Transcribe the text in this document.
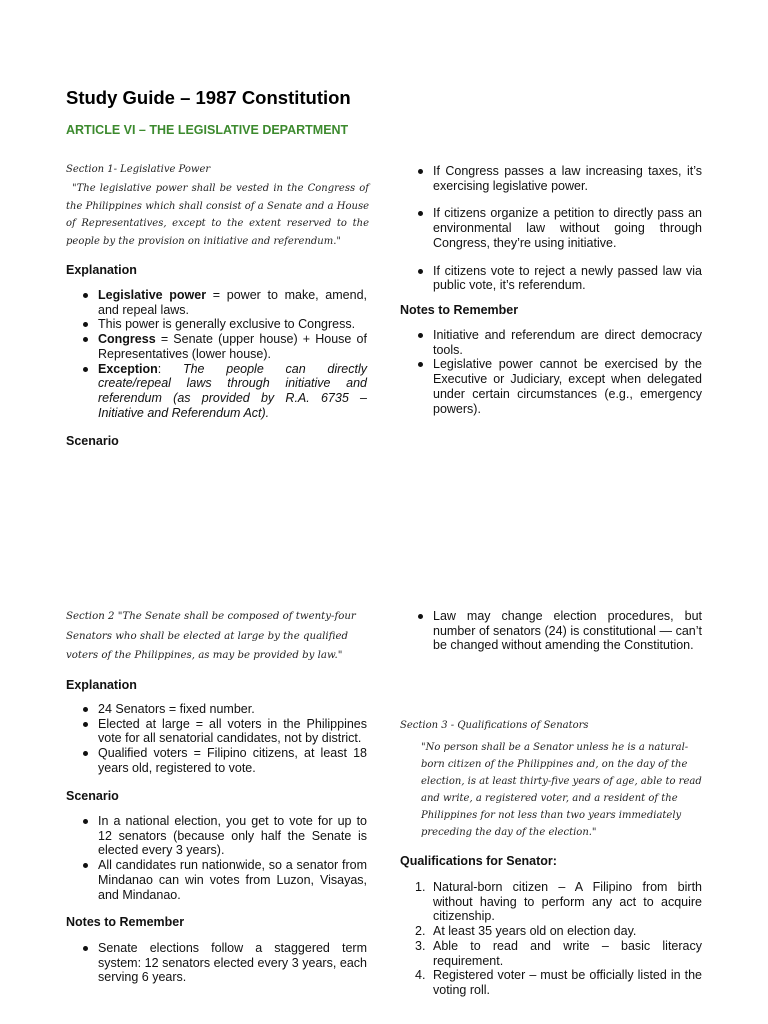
Study Guide – 1987 Constitution
ARTICLE VI – THE LEGISLATIVE DEPARTMENT
Section 1- Legislative Power
"The legislative power shall be vested in the Congress of the Philippines which shall consist of a Senate and a House of Representatives, except to the extent reserved to the people by the provision on initiative and referendum."
Explanation
Legislative power = power to make, amend, and repeal laws.
This power is generally exclusive to Congress.
Congress = Senate (upper house) + House of Representatives (lower house).
Exception: The people can directly create/repeal laws through initiative and referendum (as provided by R.A. 6735 – Initiative and Referendum Act).
Scenario
If Congress passes a law increasing taxes, it’s exercising legislative power.
If citizens organize a petition to directly pass an environmental law without going through Congress, they’re using initiative.
If citizens vote to reject a newly passed law via public vote, it’s referendum.
Notes to Remember
Initiative and referendum are direct democracy tools.
Legislative power cannot be exercised by the Executive or Judiciary, except when delegated under certain circumstances (e.g., emergency powers).
Section 2 "The Senate shall be composed of twenty-four Senators who shall be elected at large by the qualified voters of the Philippines, as may be provided by law."
Explanation
24 Senators = fixed number.
Elected at large = all voters in the Philippines vote for all senatorial candidates, not by district.
Qualified voters = Filipino citizens, at least 18 years old, registered to vote.
Scenario
In a national election, you get to vote for up to 12 senators (because only half the Senate is elected every 3 years).
All candidates run nationwide, so a senator from Mindanao can win votes from Luzon, Visayas, and Mindanao.
Notes to Remember
Senate elections follow a staggered term system: 12 senators elected every 3 years, each serving 6 years.
Law may change election procedures, but number of senators (24) is constitutional — can’t be changed without amending the Constitution.
Section 3 - Qualifications of Senators
"No person shall be a Senator unless he is a natural-born citizen of the Philippines and, on the day of the election, is at least thirty-five years of age, able to read and write, a registered voter, and a resident of the Philippines for not less than two years immediately preceding the day of the election."
Qualifications for Senator:
Natural-born citizen – A Filipino from birth without having to perform any act to acquire citizenship.
At least 35 years old on election day.
Able to read and write – basic literacy requirement.
Registered voter – must be officially listed in the voting roll.
